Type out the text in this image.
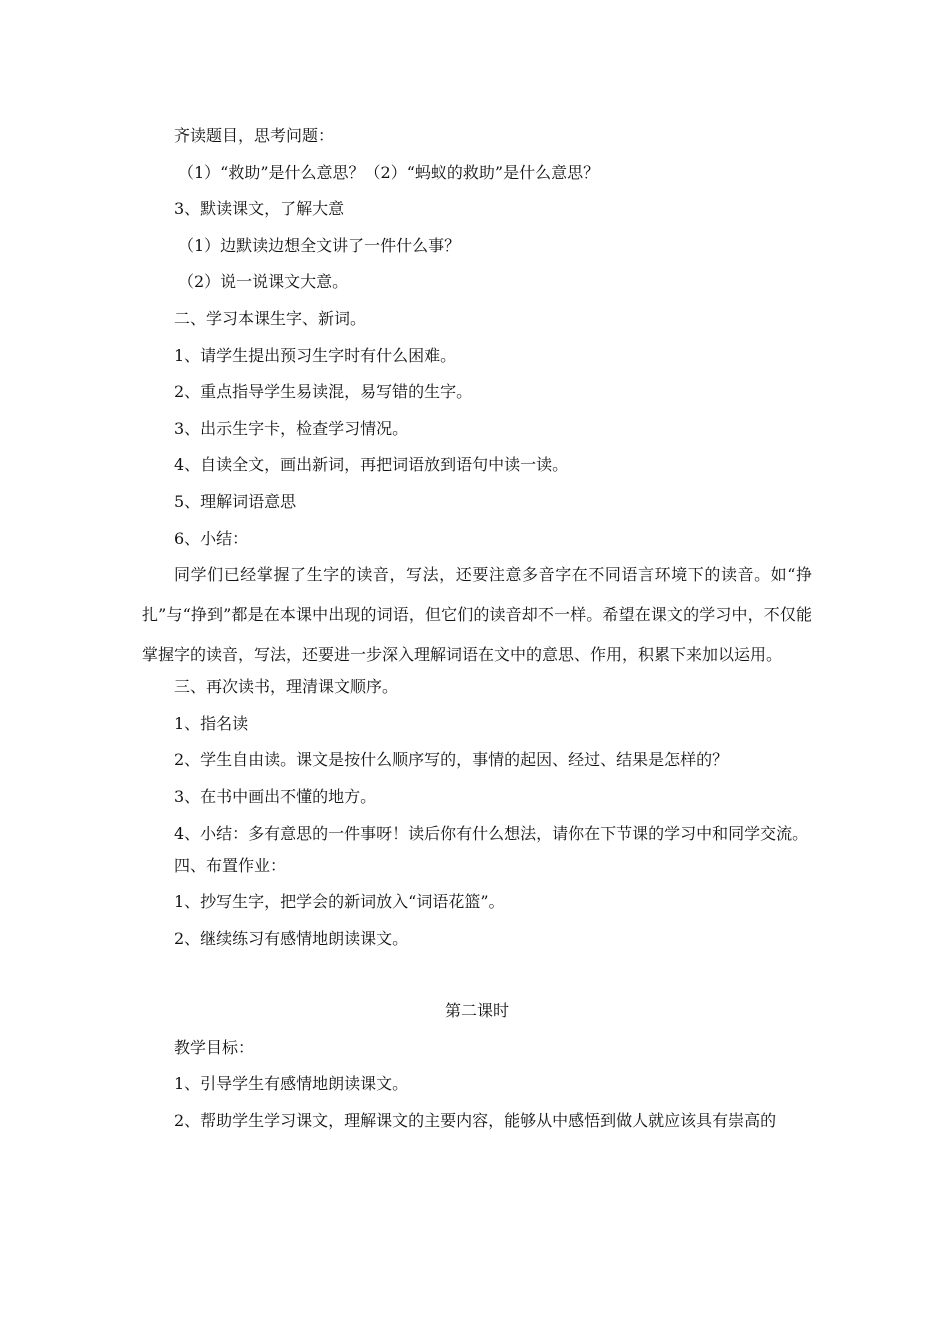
齐读题目，思考问题：
（1）“救助”是什么意思？（2）“蚂蚁的救助”是什么意思？
3、默读课文，了解大意
（1）边默读边想全文讲了一件什么事？
（2）说一说课文大意。
二、学习本课生字、新词。
1、请学生提出预习生字时有什么困难。
2、重点指导学生易读混，易写错的生字。
3、出示生字卡，检查学习情况。
4、自读全文，画出新词，再把词语放到语句中读一读。
5、理解词语意思
6、小结：
同学们已经掌握了生字的读音，写法，还要注意多音字在不同语言环境下的读音。如“挣扎”与“挣到”都是在本课中出现的词语，但它们的读音却不一样。希望在课文的学习中，不仅能掌握字的读音，写法，还要进一步深入理解词语在文中的意思、作用，积累下来加以运用。
三、再次读书，理清课文顺序。
1、指名读
2、学生自由读。课文是按什么顺序写的，事情的起因、经过、结果是怎样的？
3、在书中画出不懂的地方。
4、小结：多有意思的一件事呀！读后你有什么想法，请你在下节课的学习中和同学交流。
四、布置作业：
1、抄写生字，把学会的新词放入“词语花篮”。
2、继续练习有感情地朗读课文。
第二课时
教学目标：
1、引导学生有感情地朗读课文。
2、帮助学生学习课文，理解课文的主要内容，能够从中感悟到做人就应该具有崇高的
